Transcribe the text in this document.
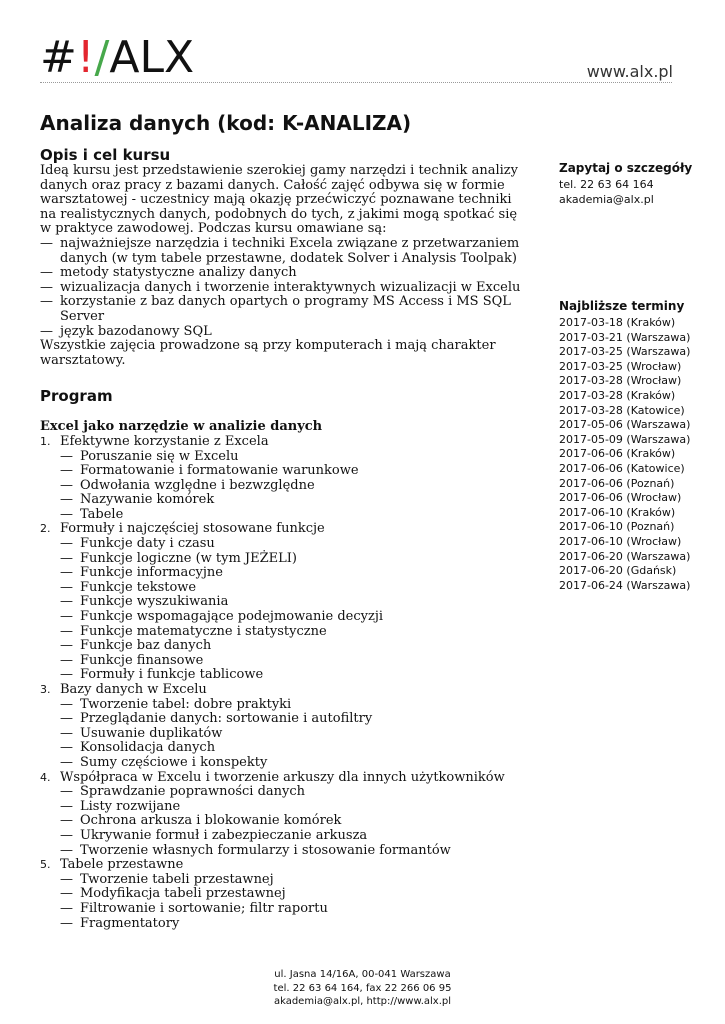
#!/ALX	www.alx.pl
Analiza danych (kod: K-ANALIZA)
Opis i cel kursu

Ideą kursu jest przedstawienie szerokiej gamy narzędzi i technik analizy danych oraz pracy z bazami danych. Całość zajęć odbywa się w formie warsztatowej - uczestnicy mają okazję przećwiczyć poznawane techniki na realistycznych danych, podobnych do tych, z jakimi mogą spotkać się w praktyce zawodowej. Podczas kursu omawiane są:

— najważniejsze narzędzia i techniki Excela związane z przetwarzaniem danych (w tym tabele przestawne, dodatek Solver i Analysis Toolpak)
— metody statystyczne analizy danych
— wizualizacja danych i tworzenie interaktywnych wizualizacji w Excelu
— korzystanie z baz danych opartych o programy MS Access i MS SQL Server
— język bazodanowy SQL

Wszystkie zajęcia prowadzone są przy komputerach i mają charakter warsztatowy.

Program
Excel jako narzędzie w analizie danych
1. Efektywne korzystanie z Excela
— Poruszanie się w Excelu
— Formatowanie i formatowanie warunkowe
— Odwołania względne i bezwzględne
— Nazywanie komórek
— Tabele
2. Formuły i najczęściej stosowane funkcje
— Funkcje daty i czasu
— Funkcje logiczne (w tym JEŻELI)
— Funkcje informacyjne
— Funkcje tekstowe
— Funkcje wyszukiwania
— Funkcje wspomagające podejmowanie decyzji
— Funkcje matematyczne i statystyczne
— Funkcje baz danych
— Funkcje finansowe
— Formuły i funkcje tablicowe
3. Bazy danych w Excelu
— Tworzenie tabel: dobre praktyki
— Przeglądanie danych: sortowanie i autofiltry
— Usuwanie duplikatów
— Konsolidacja danych
— Sumy częściowe i konspekty
4. Współpraca w Excelu i tworzenie arkuszy dla innych użytkowników
— Sprawdzanie poprawności danych
— Listy rozwijane
— Ochrona arkusza i blokowanie komórek
— Ukrywanie formuł i zabezpieczanie arkusza
— Tworzenie własnych formularzy i stosowanie formantów
5. Tabele przestawne
— Tworzenie tabeli przestawnej
— Modyfikacja tabeli przestawnej
— Filtrowanie i sortowanie; filtr raportu
— Fragmentatory
Zapytaj o szczegóły
tel. 22 63 64 164
akademia@alx.pl
Najbliższe terminy
2017-03-18 (Kraków)
2017-03-21 (Warszawa)
2017-03-25 (Warszawa)
2017-03-25 (Wrocław)
2017-03-28 (Wrocław)
2017-03-28 (Kraków)
2017-03-28 (Katowice)
2017-05-06 (Warszawa)
2017-05-09 (Warszawa)
2017-06-06 (Kraków)
2017-06-06 (Katowice)
2017-06-06 (Poznań)
2017-06-06 (Wrocław)
2017-06-10 (Kraków)
2017-06-10 (Poznań)
2017-06-10 (Wrocław)
2017-06-20 (Warszawa)
2017-06-20 (Gdańsk)
2017-06-24 (Warszawa)
ul. Jasna 14/16A, 00-041 Warszawa
tel. 22 63 64 164, fax 22 266 06 95
akademia@alx.pl, http://www.alx.pl
